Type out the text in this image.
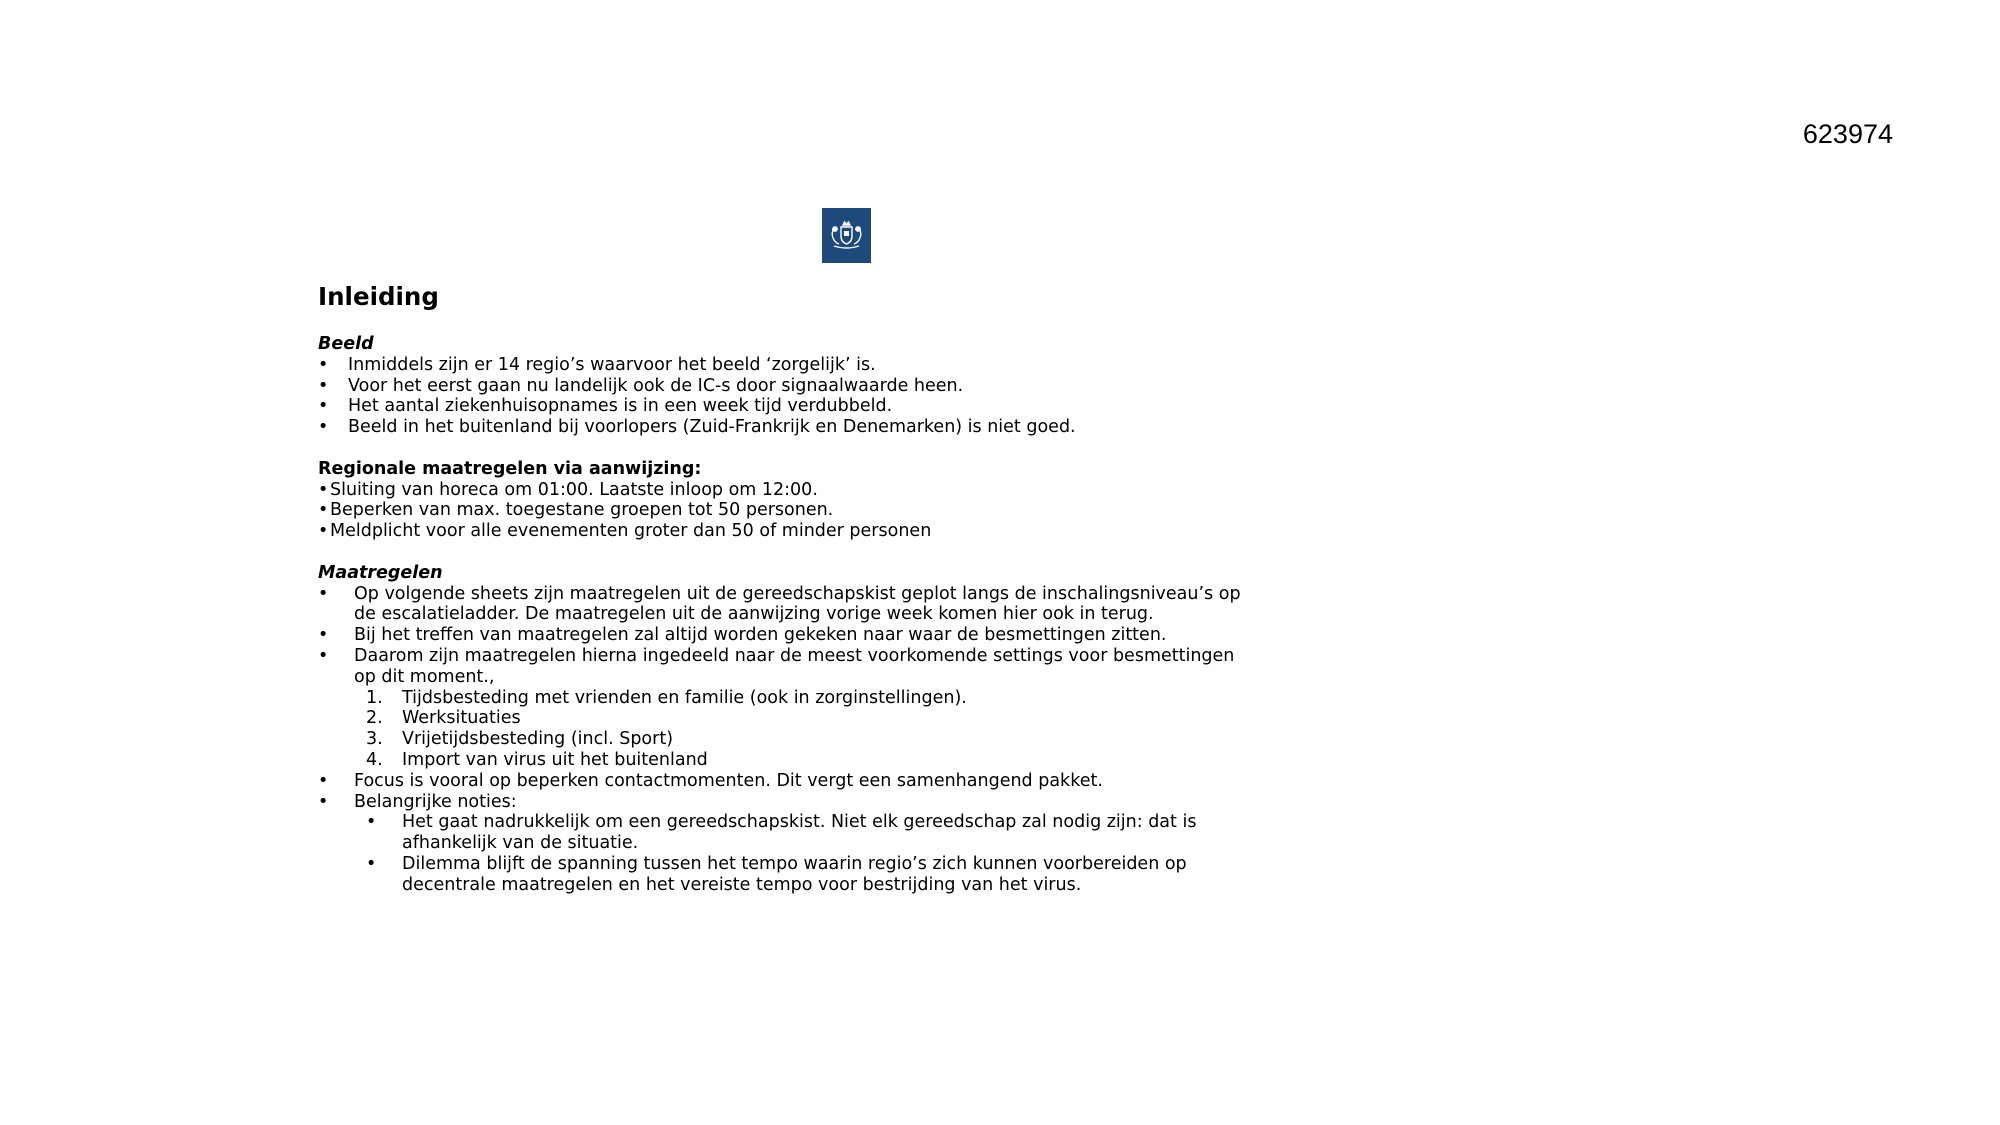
623974
Inleiding
Beeld
•	Inmiddels zijn er 14 regio’s waarvoor het beeld ‘zorgelijk’ is.
•	Voor het eerst gaan nu landelijk ook de IC-s door signaalwaarde heen.
•	Het aantal ziekenhuisopnames is in een week tijd verdubbeld.
•	Beeld in het buitenland bij voorlopers (Zuid-Frankrijk en Denemarken) is niet goed.
Regionale maatregelen via aanwijzing:
• Sluiting van horeca om 01:00. Laatste inloop om 12:00.
• Beperken van max. toegestane groepen tot 50 personen.
• Meldplicht voor alle evenementen groter dan 50 of minder personen
Maatregelen
•	Op volgende sheets zijn maatregelen uit de gereedschapskist geplot langs de inschalingsniveau’s op de escalatieladder. De maatregelen uit de aanwijzing vorige week komen hier ook in terug.
•	Bij het treffen van maatregelen zal altijd worden gekeken naar waar de besmettingen zitten.
•	Daarom zijn maatregelen hierna ingedeeld naar de meest voorkomende settings voor besmettingen op dit moment.,
1.	Tijdsbesteding met vrienden en familie (ook in zorginstellingen).
2.	Werksituaties
3.	Vrijetijdsbesteding (incl. Sport)
4.	Import van virus uit het buitenland
•	Focus is vooral op beperken contactmomenten. Dit vergt een samenhangend pakket.
•	Belangrijke noties:
•	Het gaat nadrukkelijk om een gereedschapskist. Niet elk gereedschap zal nodig zijn: dat is afhankelijk van de situatie.
•	Dilemma blijft de spanning tussen het tempo waarin regio’s zich kunnen voorbereiden op decentrale maatregelen en het vereiste tempo voor bestrijding van het virus.
